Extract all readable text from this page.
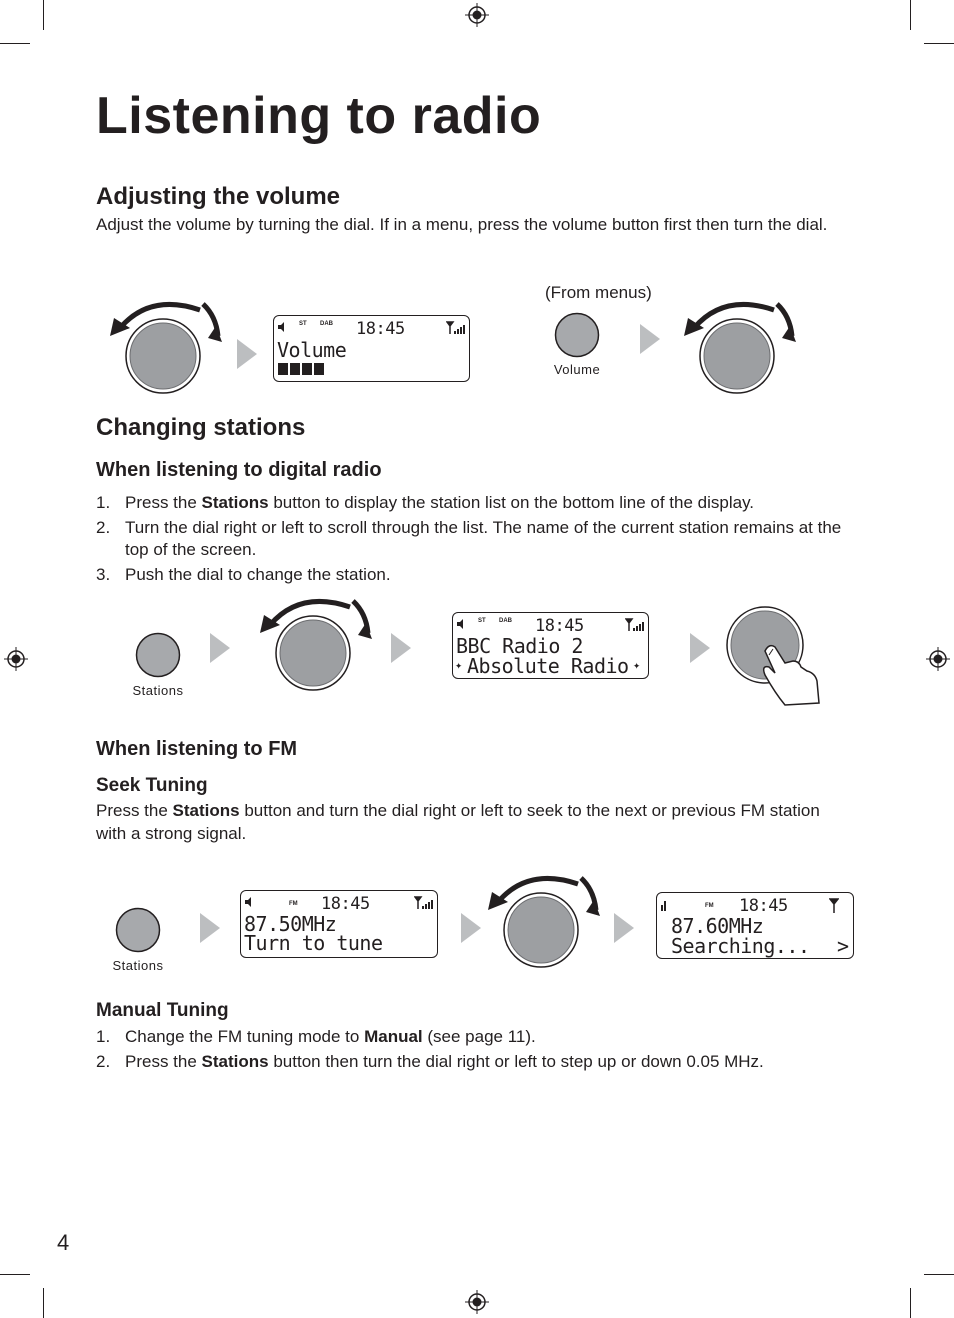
Listening to radio
Adjusting the volume

Adjust the volume by turning the dial. If in a menu, press the volume button first then turn the dial.

ST DAB 18:45
Volume

(From menus)

Volume
Changing stations
When listening to digital radio
1. Press the Stations button to display the station list on the bottom line of the display.
2. Turn the dial right or left to scroll through the list. The name of the current station remains at the top of the screen.
3. Push the dial to change the station.
Stations
ST DAB 18:45
BBC Radio 2
✦ Absolute Radio ✦
When listening to FM
Seek Tuning

Press the Stations button and turn the dial right or left to seek to the next or previous FM station with a strong signal.

Stations
FM 18:45
87.50MHz
Turn to tune
FM 18:45
87.60MHz
Searching... >
Manual Tuning
1. Change the FM tuning mode to Manual (see page 11).
2. Press the Stations button then turn the dial right or left to step up or down 0.05 MHz.
4
